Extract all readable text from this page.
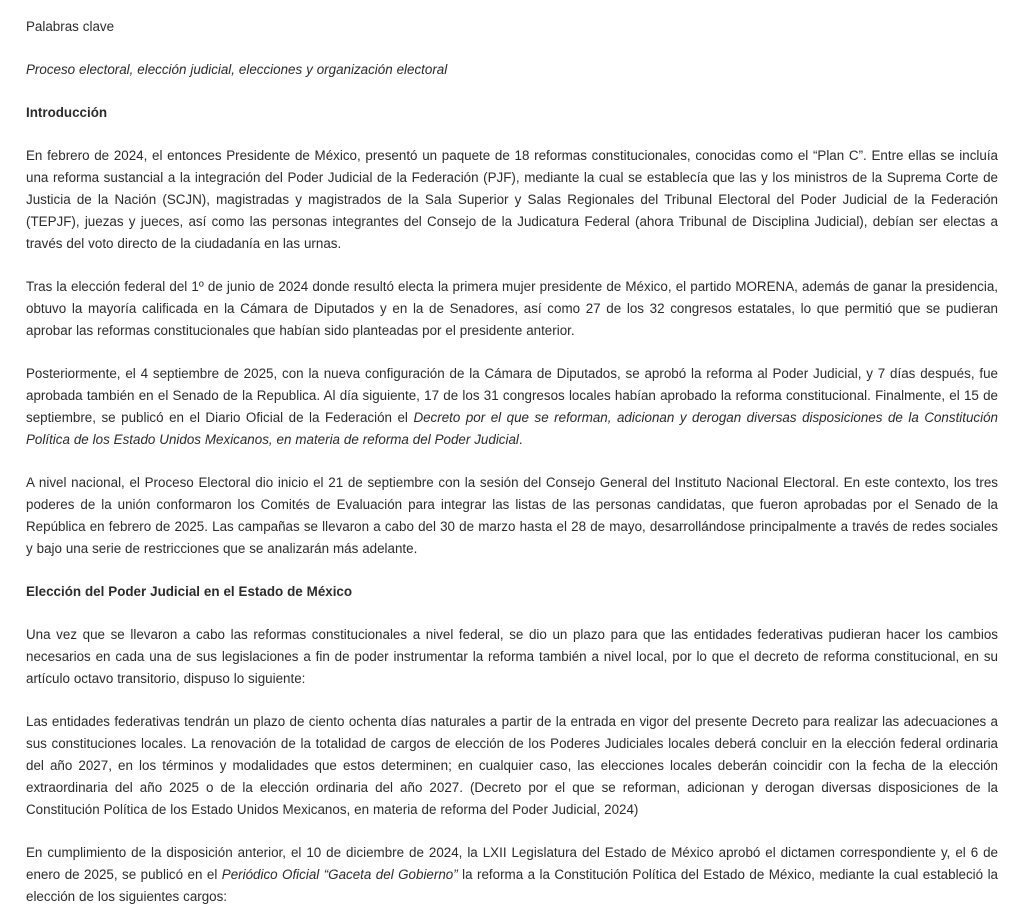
Palabras clave

Proceso electoral, elección judicial, elecciones y organización electoral

Introducción

En febrero de 2024, el entonces Presidente de México, presentó un paquete de 18 reformas constitucionales, conocidas como el “Plan C”. Entre ellas se incluía una reforma sustancial a la integración del Poder Judicial de la Federación (PJF), mediante la cual se establecía que las y los ministros de la Suprema Corte de Justicia de la Nación (SCJN), magistradas y magistrados de la Sala Superior y Salas Regionales del Tribunal Electoral del Poder Judicial de la Federación (TEPJF), juezas y jueces, así como las personas integrantes del Consejo de la Judicatura Federal (ahora Tribunal de Disciplina Judicial), debían ser electas a través del voto directo de la ciudadanía en las urnas.

Tras la elección federal del 1º de junio de 2024 donde resultó electa la primera mujer presidente de México, el partido MORENA, además de ganar la presidencia, obtuvo la mayoría calificada en la Cámara de Diputados y en la de Senadores, así como 27 de los 32 congresos estatales, lo que permitió que se pudieran aprobar las reformas constitucionales que habían sido planteadas por el presidente anterior.

Posteriormente, el 4 septiembre de 2025, con la nueva configuración de la Cámara de Diputados, se aprobó la reforma al Poder Judicial, y 7 días después, fue aprobada también en el Senado de la Republica. Al día siguiente, 17 de los 31 congresos locales habían aprobado la reforma constitucional. Finalmente, el 15 de septiembre, se publicó en el Diario Oficial de la Federación el Decreto por el que se reforman, adicionan y derogan diversas disposiciones de la Constitución Política de los Estado Unidos Mexicanos, en materia de reforma del Poder Judicial.

A nivel nacional, el Proceso Electoral dio inicio el 21 de septiembre con la sesión del Consejo General del Instituto Nacional Electoral. En este contexto, los tres poderes de la unión conformaron los Comités de Evaluación para integrar las listas de las personas candidatas, que fueron aprobadas por el Senado de la República en febrero de 2025. Las campañas se llevaron a cabo del 30 de marzo hasta el 28 de mayo, desarrollándose principalmente a través de redes sociales y bajo una serie de restricciones que se analizarán más adelante.

Elección del Poder Judicial en el Estado de México

Una vez que se llevaron a cabo las reformas constitucionales a nivel federal, se dio un plazo para que las entidades federativas pudieran hacer los cambios necesarios en cada una de sus legislaciones a fin de poder instrumentar la reforma también a nivel local, por lo que el decreto de reforma constitucional, en su artículo octavo transitorio, dispuso lo siguiente:

Las entidades federativas tendrán un plazo de ciento ochenta días naturales a partir de la entrada en vigor del presente Decreto para realizar las adecuaciones a sus constituciones locales. La renovación de la totalidad de cargos de elección de los Poderes Judiciales locales deberá concluir en la elección federal ordinaria del año 2027, en los términos y modalidades que estos determinen; en cualquier caso, las elecciones locales deberán coincidir con la fecha de la elección extraordinaria del año 2025 o de la elección ordinaria del año 2027. (Decreto por el que se reforman, adicionan y derogan diversas disposiciones de la Constitución Política de los Estado Unidos Mexicanos, en materia de reforma del Poder Judicial, 2024)

En cumplimiento de la disposición anterior, el 10 de diciembre de 2024, la LXII Legislatura del Estado de México aprobó el dictamen correspondiente y, el 6 de enero de 2025, se publicó en el Periódico Oficial “Gaceta del Gobierno” la reforma a la Constitución Política del Estado de México, mediante la cual estableció la elección de los siguientes cargos:
